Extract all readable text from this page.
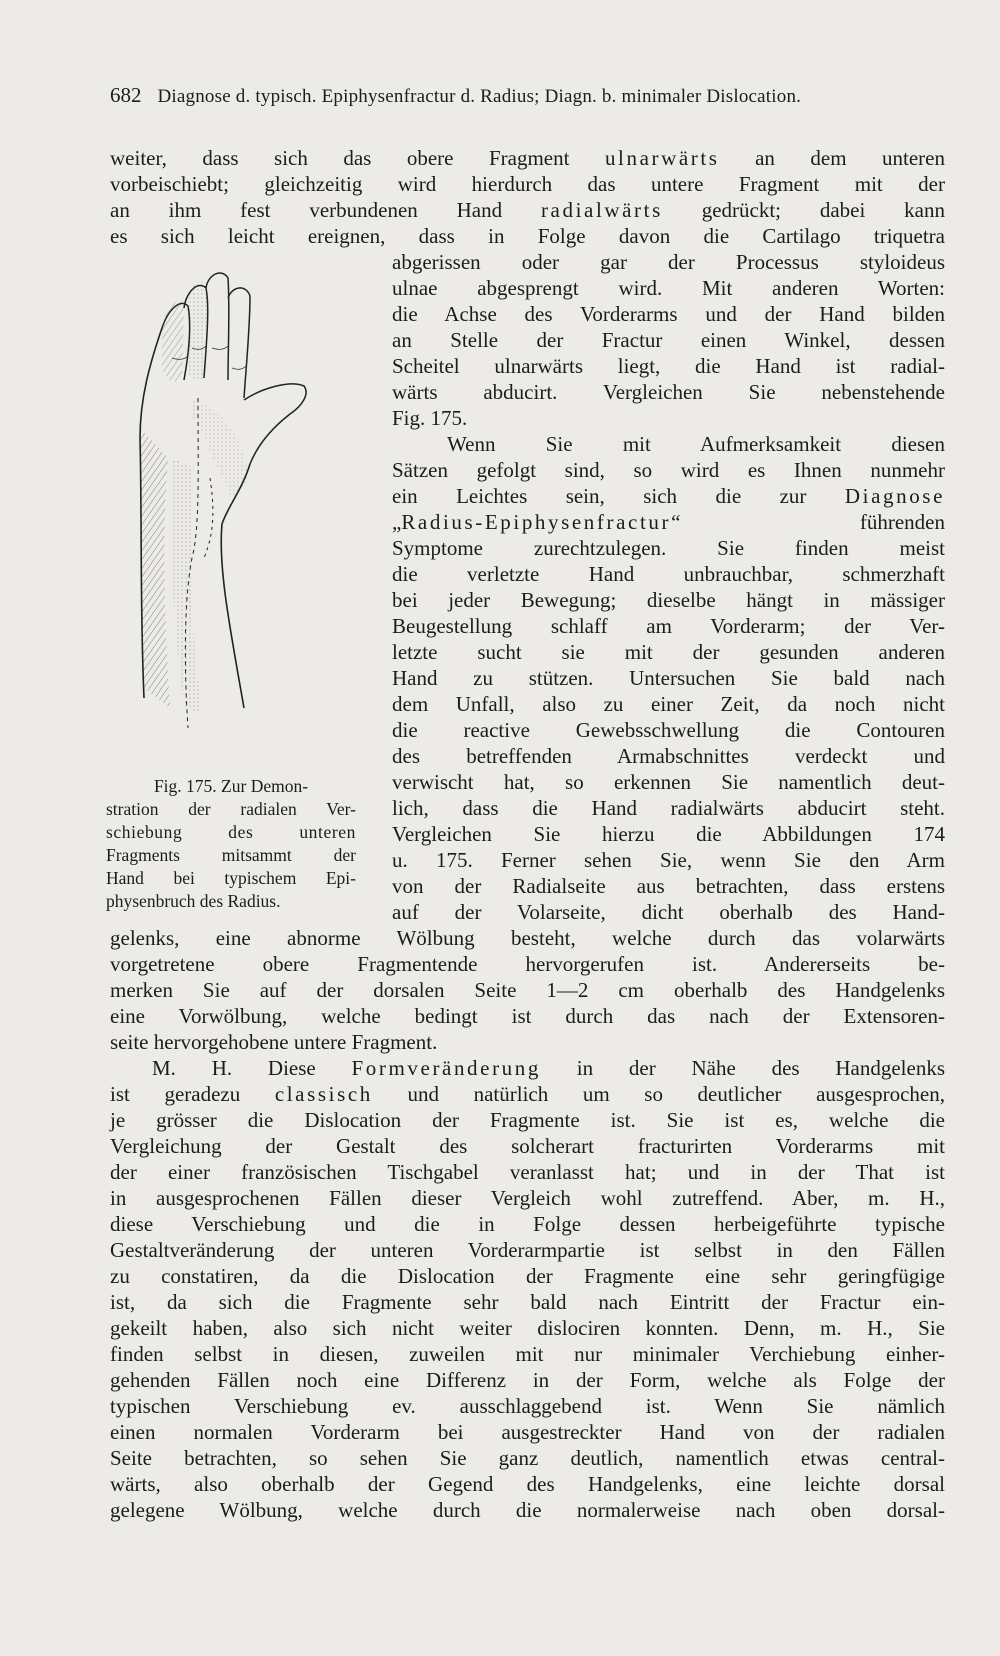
682 Diagnose d. typisch. Epiphysenfractur d. Radius; Diagn. b. minimaler Dislocation.
weiter, dass sich das obere Fragment ulnarwärts an dem unteren
vorbeischiebt; gleichzeitig wird hierdurch das untere Fragment mit der
an ihm fest verbundenen Hand radialwärts gedrückt; dabei kann
es sich leicht ereignen, dass in Folge davon die Cartilago triquetra
abgerissen oder gar der Processus styloideus
ulnae abgesprengt wird. Mit anderen Worten:
die Achse des Vorderarms und der Hand bilden
an Stelle der Fractur einen Winkel, dessen
Scheitel ulnarwärts liegt, die Hand ist radial-
wärts abducirt. Vergleichen Sie nebenstehende
Fig. 175.
Wenn Sie mit Aufmerksamkeit diesen
Sätzen gefolgt sind, so wird es Ihnen nunmehr
ein Leichtes sein, sich die zur Diagnose
„Radius-Epiphysenfractur“ führenden
Symptome zurechtzulegen. Sie finden meist
die verletzte Hand unbrauchbar, schmerzhaft
bei jeder Bewegung; dieselbe hängt in mässiger
Beugestellung schlaff am Vorderarm; der Ver-
letzte sucht sie mit der gesunden anderen
Hand zu stützen. Untersuchen Sie bald nach
dem Unfall, also zu einer Zeit, da noch nicht
die reactive Gewebsschwellung die Contouren
des betreffenden Armabschnittes verdeckt und
verwischt hat, so erkennen Sie namentlich deut-
lich, dass die Hand radialwärts abducirt steht.
Vergleichen Sie hierzu die Abbildungen 174
u. 175. Ferner sehen Sie, wenn Sie den Arm
von der Radialseite aus betrachten, dass erstens
auf der Volarseite, dicht oberhalb des Hand-
gelenks, eine abnorme Wölbung besteht, welche durch das volarwärts
vorgetretene obere Fragmentende hervorgerufen ist. Andererseits be-
merken Sie auf der dorsalen Seite 1—2 cm oberhalb des Handgelenks
eine Vorwölbung, welche bedingt ist durch das nach der Extensoren-
seite hervorgehobene untere Fragment.
M. H. Diese Formveränderung in der Nähe des Handgelenks
ist geradezu classisch und natürlich um so deutlicher ausgesprochen,
je grösser die Dislocation der Fragmente ist. Sie ist es, welche die
Vergleichung der Gestalt des solcherart fracturirten Vorderarms mit
der einer französischen Tischgabel veranlasst hat; und in der That ist
in ausgesprochenen Fällen dieser Vergleich wohl zutreffend. Aber, m. H.,
diese Verschiebung und die in Folge dessen herbeigeführte typische
Gestaltveränderung der unteren Vorderarmpartie ist selbst in den Fällen
zu constatiren, da die Dislocation der Fragmente eine sehr geringfügige
ist, da sich die Fragmente sehr bald nach Eintritt der Fractur ein-
gekeilt haben, also sich nicht weiter dislociren konnten. Denn, m. H., Sie
finden selbst in diesen, zuweilen mit nur minimaler Verchiebung einher-
gehenden Fällen noch eine Differenz in der Form, welche als Folge der
typischen Verschiebung ev. ausschlaggebend ist. Wenn Sie nämlich
einen normalen Vorderarm bei ausgestreckter Hand von der radialen
Seite betrachten, so sehen Sie ganz deutlich, namentlich etwas central-
wärts, also oberhalb der Gegend des Handgelenks, eine leichte dorsal
gelegene Wölbung, welche durch die normalerweise nach oben dorsal-
Fig. 175. Zur Demon-
stration der radialen Ver-
schiebung des unteren
Fragments mitsammt der
Hand bei typischem Epi-
physenbruch des Radius.
